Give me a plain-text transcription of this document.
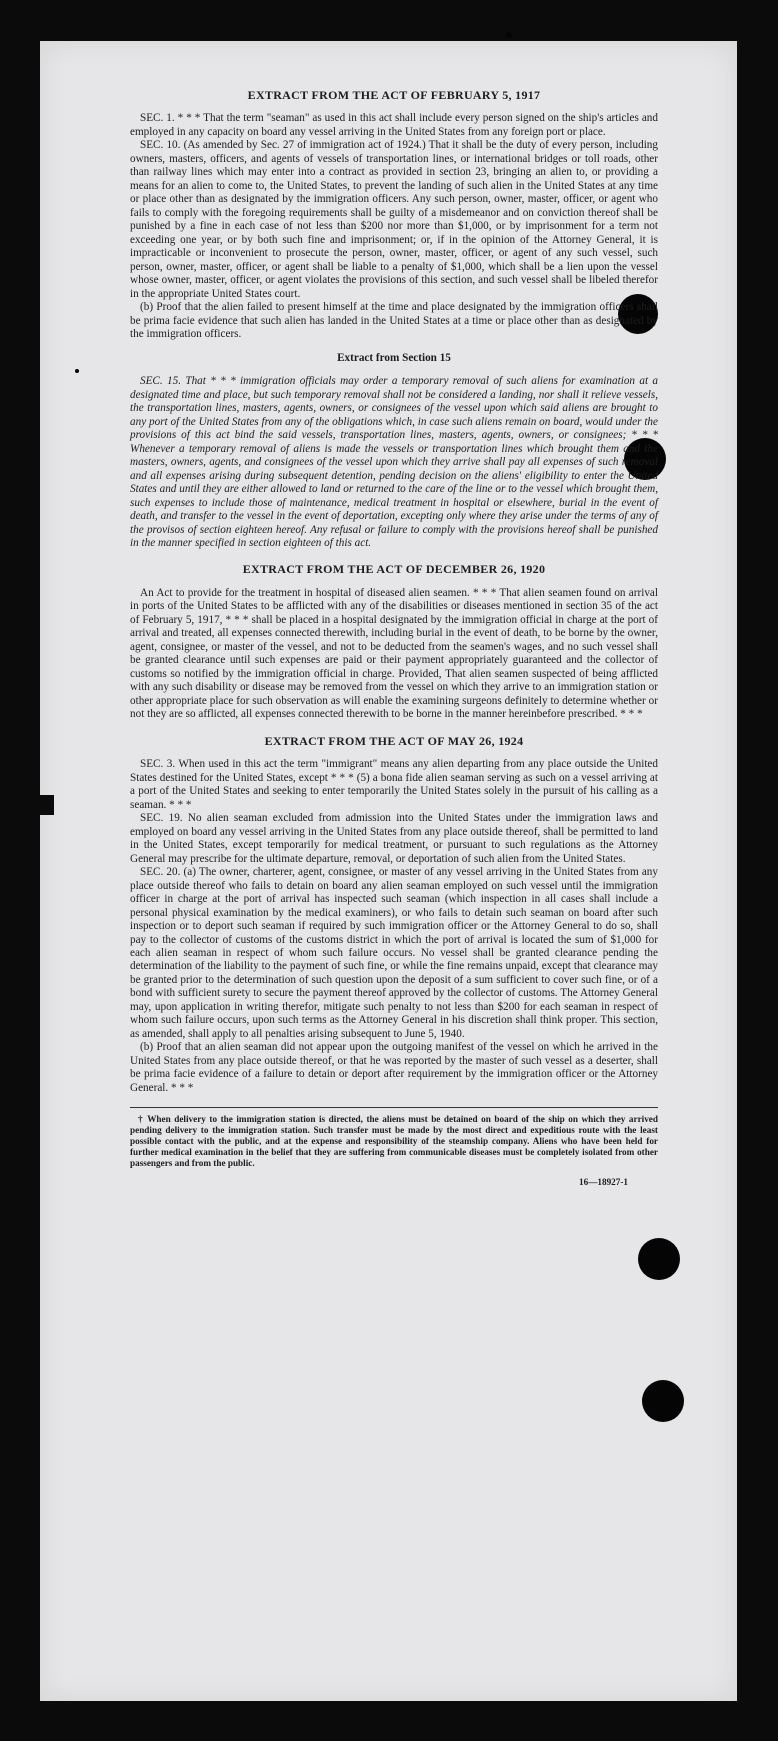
EXTRACT FROM THE ACT OF FEBRUARY 5, 1917

SEC. 1. * * * That the term "seaman" as used in this act shall include every person signed on the ship's articles and employed in any capacity on board any vessel arriving in the United States from any foreign port or place.

SEC. 10. (As amended by Sec. 27 of immigration act of 1924.) That it shall be the duty of every person, including owners, masters, officers, and agents of vessels of transportation lines, or international bridges or toll roads, other than railway lines which may enter into a contract as provided in section 23, bringing an alien to, or providing a means for an alien to come to, the United States, to prevent the landing of such alien in the United States at any time or place other than as designated by the immigration officers. Any such person, owner, master, officer, or agent who fails to comply with the foregoing requirements shall be guilty of a misdemeanor and on conviction thereof shall be punished by a fine in each case of not less than $200 nor more than $1,000, or by imprisonment for a term not exceeding one year, or by both such fine and imprisonment; or, if in the opinion of the Attorney General, it is impracticable or inconvenient to prosecute the person, owner, master, officer, or agent of any such vessel, such person, owner, master, officer, or agent shall be liable to a penalty of $1,000, which shall be a lien upon the vessel whose owner, master, officer, or agent violates the provisions of this section, and such vessel shall be libeled therefor in the appropriate United States court.

(b) Proof that the alien failed to present himself at the time and place designated by the immigration officers shall be prima facie evidence that such alien has landed in the United States at a time or place other than as designated by the immigration officers.

Extract from Section 15

SEC. 15. That * * * immigration officials may order a temporary removal of such aliens for examination at a designated time and place, but such temporary removal shall not be considered a landing, nor shall it relieve vessels, the transportation lines, masters, agents, owners, or consignees of the vessel upon which said aliens are brought to any port of the United States from any of the obligations which, in case such aliens remain on board, would under the provisions of this act bind the said vessels, transportation lines, masters, agents, owners, or consignees; * * * Whenever a temporary removal of aliens is made the vessels or transportation lines which brought them and the masters, owners, agents, and consignees of the vessel upon which they arrive shall pay all expenses of such removal and all expenses arising during subsequent detention, pending decision on the aliens' eligibility to enter the United States and until they are either allowed to land or returned to the care of the line or to the vessel which brought them, such expenses to include those of maintenance, medical treatment in hospital or elsewhere, burial in the event of death, and transfer to the vessel in the event of deportation, excepting only where they arise under the terms of any of the provisos of section eighteen hereof. Any refusal or failure to comply with the provisions hereof shall be punished in the manner specified in section eighteen of this act.

EXTRACT FROM THE ACT OF DECEMBER 26, 1920

An Act to provide for the treatment in hospital of diseased alien seamen. * * * That alien seamen found on arrival in ports of the United States to be afflicted with any of the disabilities or diseases mentioned in section 35 of the act of February 5, 1917, * * * shall be placed in a hospital designated by the immigration official in charge at the port of arrival and treated, all expenses connected therewith, including burial in the event of death, to be borne by the owner, agent, consignee, or master of the vessel, and not to be deducted from the seamen's wages, and no such vessel shall be granted clearance until such expenses are paid or their payment appropriately guaranteed and the collector of customs so notified by the immigration official in charge. Provided, That alien seamen suspected of being afflicted with any such disability or disease may be removed from the vessel on which they arrive to an immigration station or other appropriate place for such observation as will enable the examining surgeons definitely to determine whether or not they are so afflicted, all expenses connected therewith to be borne in the manner hereinbefore prescribed. * * *

EXTRACT FROM THE ACT OF MAY 26, 1924

SEC. 3. When used in this act the term "immigrant" means any alien departing from any place outside the United States destined for the United States, except * * * (5) a bona fide alien seaman serving as such on a vessel arriving at a port of the United States and seeking to enter temporarily the United States solely in the pursuit of his calling as a seaman. * * *

SEC. 19. No alien seaman excluded from admission into the United States under the immigration laws and employed on board any vessel arriving in the United States from any place outside thereof, shall be permitted to land in the United States, except temporarily for medical treatment, or pursuant to such regulations as the Attorney General may prescribe for the ultimate departure, removal, or deportation of such alien from the United States.

SEC. 20. (a) The owner, charterer, agent, consignee, or master of any vessel arriving in the United States from any place outside thereof who fails to detain on board any alien seaman employed on such vessel until the immigration officer in charge at the port of arrival has inspected such seaman (which inspection in all cases shall include a personal physical examination by the medical examiners), or who fails to detain such seaman on board after such inspection or to deport such seaman if required by such immigration officer or the Attorney General to do so, shall pay to the collector of customs of the customs district in which the port of arrival is located the sum of $1,000 for each alien seaman in respect of whom such failure occurs. No vessel shall be granted clearance pending the determination of the liability to the payment of such fine, or while the fine remains unpaid, except that clearance may be granted prior to the determination of such question upon the deposit of a sum sufficient to cover such fine, or of a bond with sufficient surety to secure the payment thereof approved by the collector of customs. The Attorney General may, upon application in writing therefor, mitigate such penalty to not less than $200 for each seaman in respect of whom such failure occurs, upon such terms as the Attorney General in his discretion shall think proper. This section, as amended, shall apply to all penalties arising subsequent to June 5, 1940.

(b) Proof that an alien seaman did not appear upon the outgoing manifest of the vessel on which he arrived in the United States from any place outside thereof, or that he was reported by the master of such vessel as a deserter, shall be prima facie evidence of a failure to detain or deport after requirement by the immigration officer or the Attorney General. * * *

† When delivery to the immigration station is directed, the aliens must be detained on board of the ship on which they arrived pending delivery to the immigration station. Such transfer must be made by the most direct and expeditious route with the least possible contact with the public, and at the expense and responsibility of the steamship company. Aliens who have been held for further medical examination in the belief that they are suffering from communicable diseases must be completely isolated from other passengers and from the public.

16—18927-1
